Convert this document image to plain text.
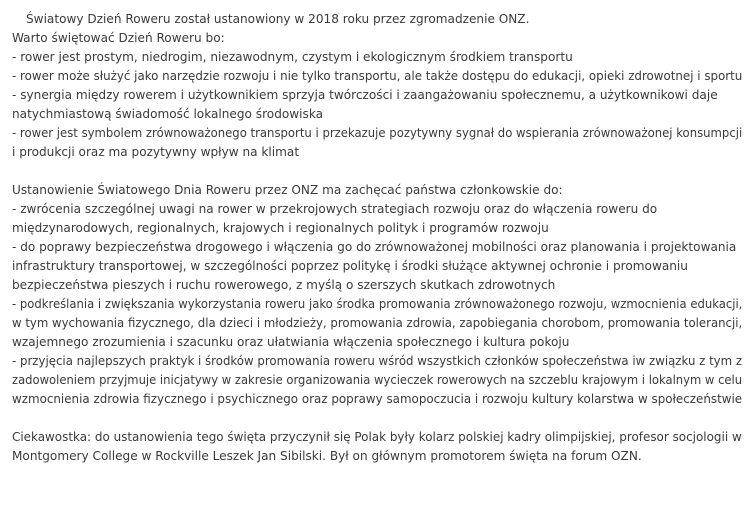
Światowy Dzień Roweru został ustanowiony w 2018 roku przez zgromadzenie ONZ.
Warto świętować Dzień Roweru bo:
- rower jest prostym, niedrogim, niezawodnym, czystym i ekologicznym środkiem transportu
- rower może służyć jako narzędzie rozwoju i nie tylko transportu, ale także dostępu do edukacji, opieki zdrowotnej i sportu
- synergia między rowerem i użytkownikiem sprzyja twórczości i zaangażowaniu społecznemu, a użytkownikowi daje
natychmiastową świadomość lokalnego środowiska
- rower jest symbolem zrównoważonego transportu i przekazuje pozytywny sygnał do wspierania zrównoważonej konsumpcji
i produkcji oraz ma pozytywny wpływ na klimat
Ustanowienie Światowego Dnia Roweru przez ONZ ma zachęcać państwa członkowskie do:
- zwrócenia szczególnej uwagi na rower w przekrojowych strategiach rozwoju oraz do włączenia roweru do
międzynarodowych, regionalnych, krajowych i regionalnych polityk i programów rozwoju
- do poprawy bezpieczeństwa drogowego i włączenia go do zrównoważonej mobilności oraz planowania i projektowania
infrastruktury transportowej, w szczególności poprzez politykę i środki służące aktywnej ochronie i promowaniu
bezpieczeństwa pieszych i ruchu rowerowego, z myślą o szerszych skutkach zdrowotnych
- podkreślania i zwiększania wykorzystania roweru jako środka promowania zrównoważonego rozwoju, wzmocnienia edukacji,
w tym wychowania fizycznego, dla dzieci i młodzieży, promowania zdrowia, zapobiegania chorobom, promowania tolerancji,
wzajemnego zrozumienia i szacunku oraz ułatwiania włączenia społecznego i kultura pokoju
- przyjęcia najlepszych praktyk i środków promowania roweru wśród wszystkich członków społeczeństwa iw związku z tym z
zadowoleniem przyjmuje inicjatywy w zakresie organizowania wycieczek rowerowych na szczeblu krajowym i lokalnym w celu
wzmocnienia zdrowia fizycznego i psychicznego oraz poprawy samopoczucia i rozwoju kultury kolarstwa w społeczeństwie
Ciekawostka: do ustanowienia tego święta przyczynił się Polak były kolarz polskiej kadry olimpijskiej, profesor socjologii w
Montgomery College w Rockville Leszek Jan Sibilski. Był on głównym promotorem święta na forum OZN.
